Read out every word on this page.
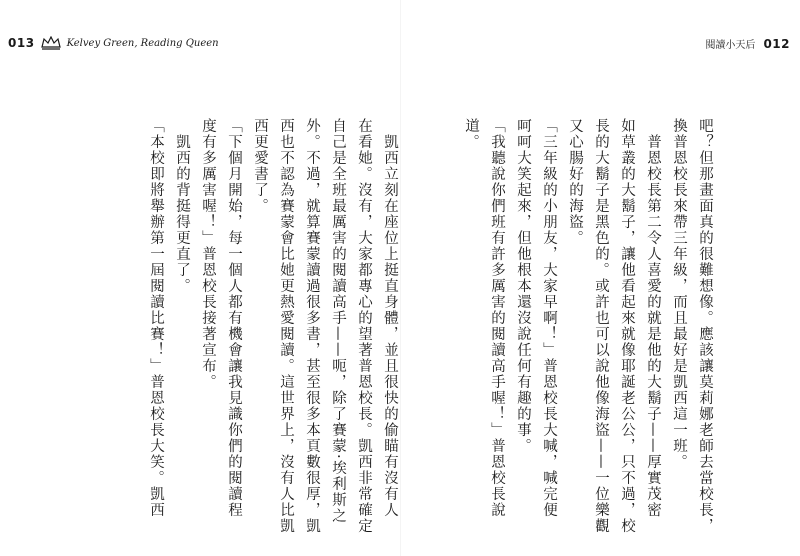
013	Kelvey Green, Reading Queen	閱讀小天后 012
　凱西立刻在座位上挺直身體，並且很快的偷瞄有沒有人
在看她。沒有，大家都專心的望著普恩校長。凱西非常確定
自己是全班最厲害的閱讀高手——呃，除了賽蒙·埃利斯之
外。不過，就算賽蒙讀過很多書，甚至很多本頁數很厚，凱
西也不認為賽蒙會比她更熱愛閱讀。這世界上，沒有人比凱
西更愛書了。
「下個月開始，每一個人都有機會讓我見識你們的閱讀程
度有多厲害喔！」普恩校長接著宣布。
　凱西的背挺得更直了。
「本校即將舉辦第一屆閱讀比賽！」普恩校長大笑。凱西	吧？但那畫面真的很難想像。應該讓莫莉娜老師去當校長，
換普恩校長來帶三年級，而且最好是凱西這一班。
　普恩校長第二令人喜愛的就是他的大鬍子——厚實茂密
如草叢的大鬍子，讓他看起來就像耶誕老公公，只不過，校
長的大鬍子是黑色的。或許也可以說他像海盜——一位樂觀
又心腸好的海盜。
「三年級的小朋友，大家早啊！」普恩校長大喊，喊完便
呵呵大笑起來，但他根本還沒說任何有趣的事。
「我聽說你們班有許多厲害的閱讀高手喔！」普恩校長說
道。
